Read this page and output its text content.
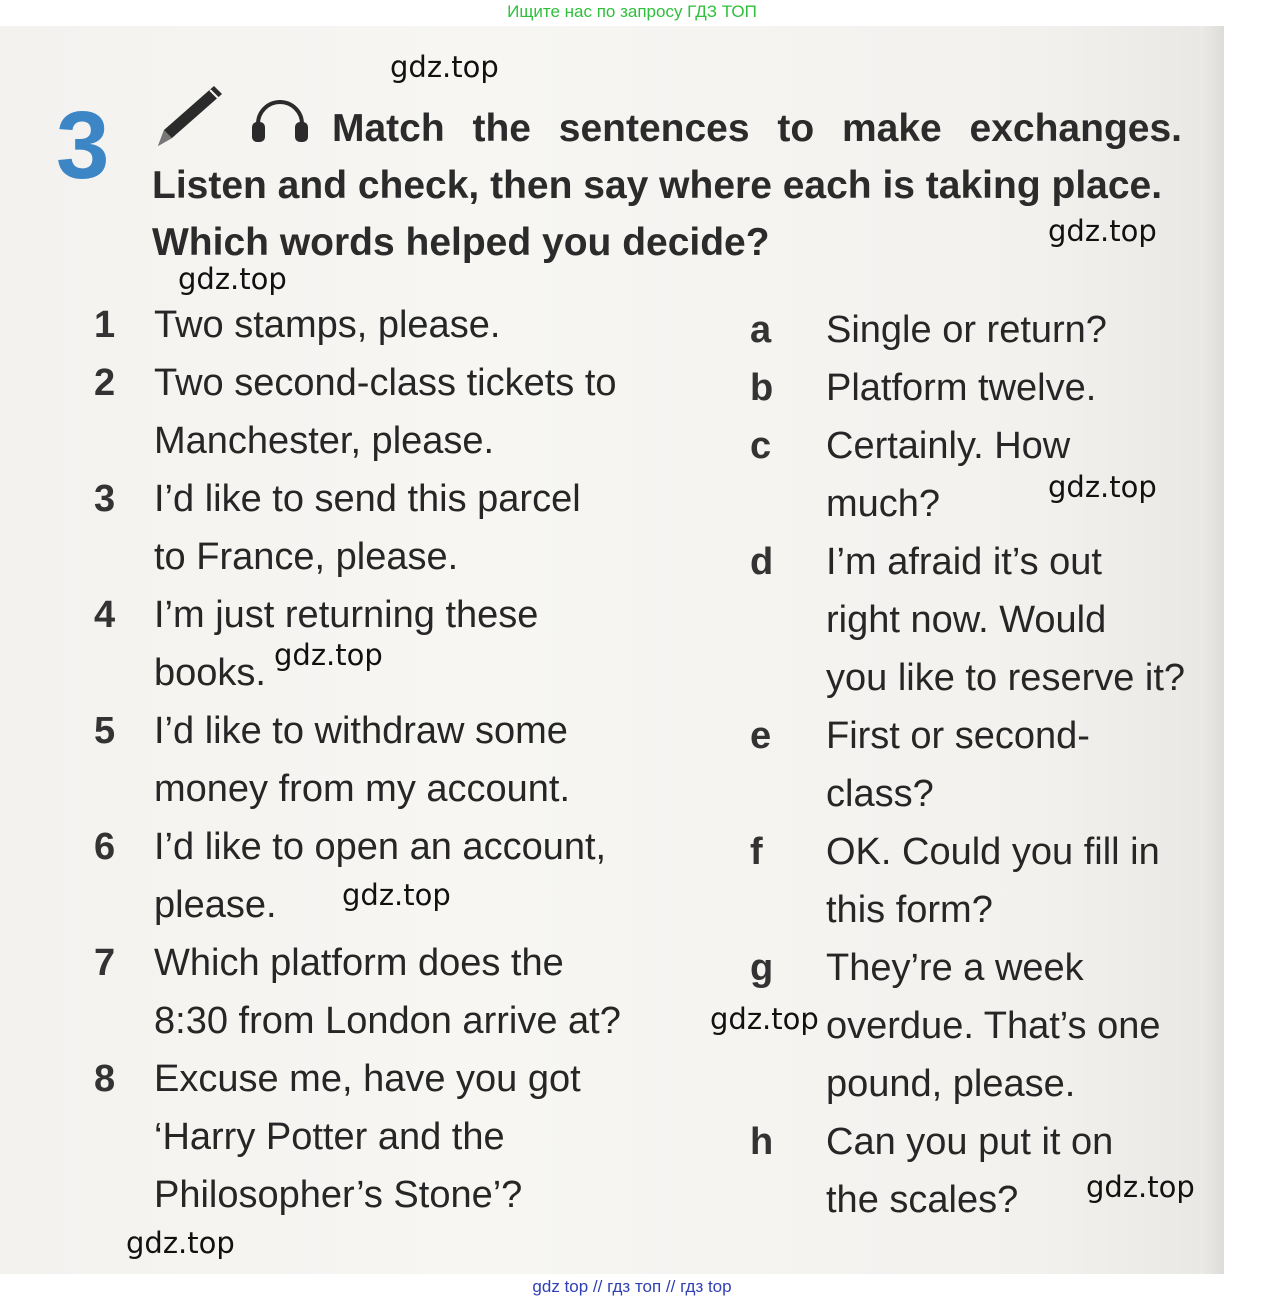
Ищите нас по запросу ГДЗ ТОП
3	Match the sentences to make exchanges.
Listen and check, then say where each is taking place.
Which words helped you decide?
1	Two stamps, please.
2	Two second-class tickets to
Manchester, please.
3	I’d like to send this parcel
to France, please.
4	I’m just returning these
books.
5	I’d like to withdraw some
money from my account.
6	I’d like to open an account,
please.
7	Which platform does the
8:30 from London arrive at?
8	Excuse me, have you got
‘Harry Potter and the
Philosopher’s Stone’?
a	Single or return?
b	Platform twelve.
c	Certainly. How
much?
d	I’m afraid it’s out
right now. Would
you like to reserve it?
e	First or second-
class?
f	OK. Could you fill in
this form?
g	They’re a week
overdue. That’s one
pound, please.
h	Can you put it on
the scales?
gdz.top
gdz.top
gdz.top
gdz.top
gdz.top
gdz.top
gdz.top
gdz.top
gdz.top
gdz top // гдз топ // гдз top
